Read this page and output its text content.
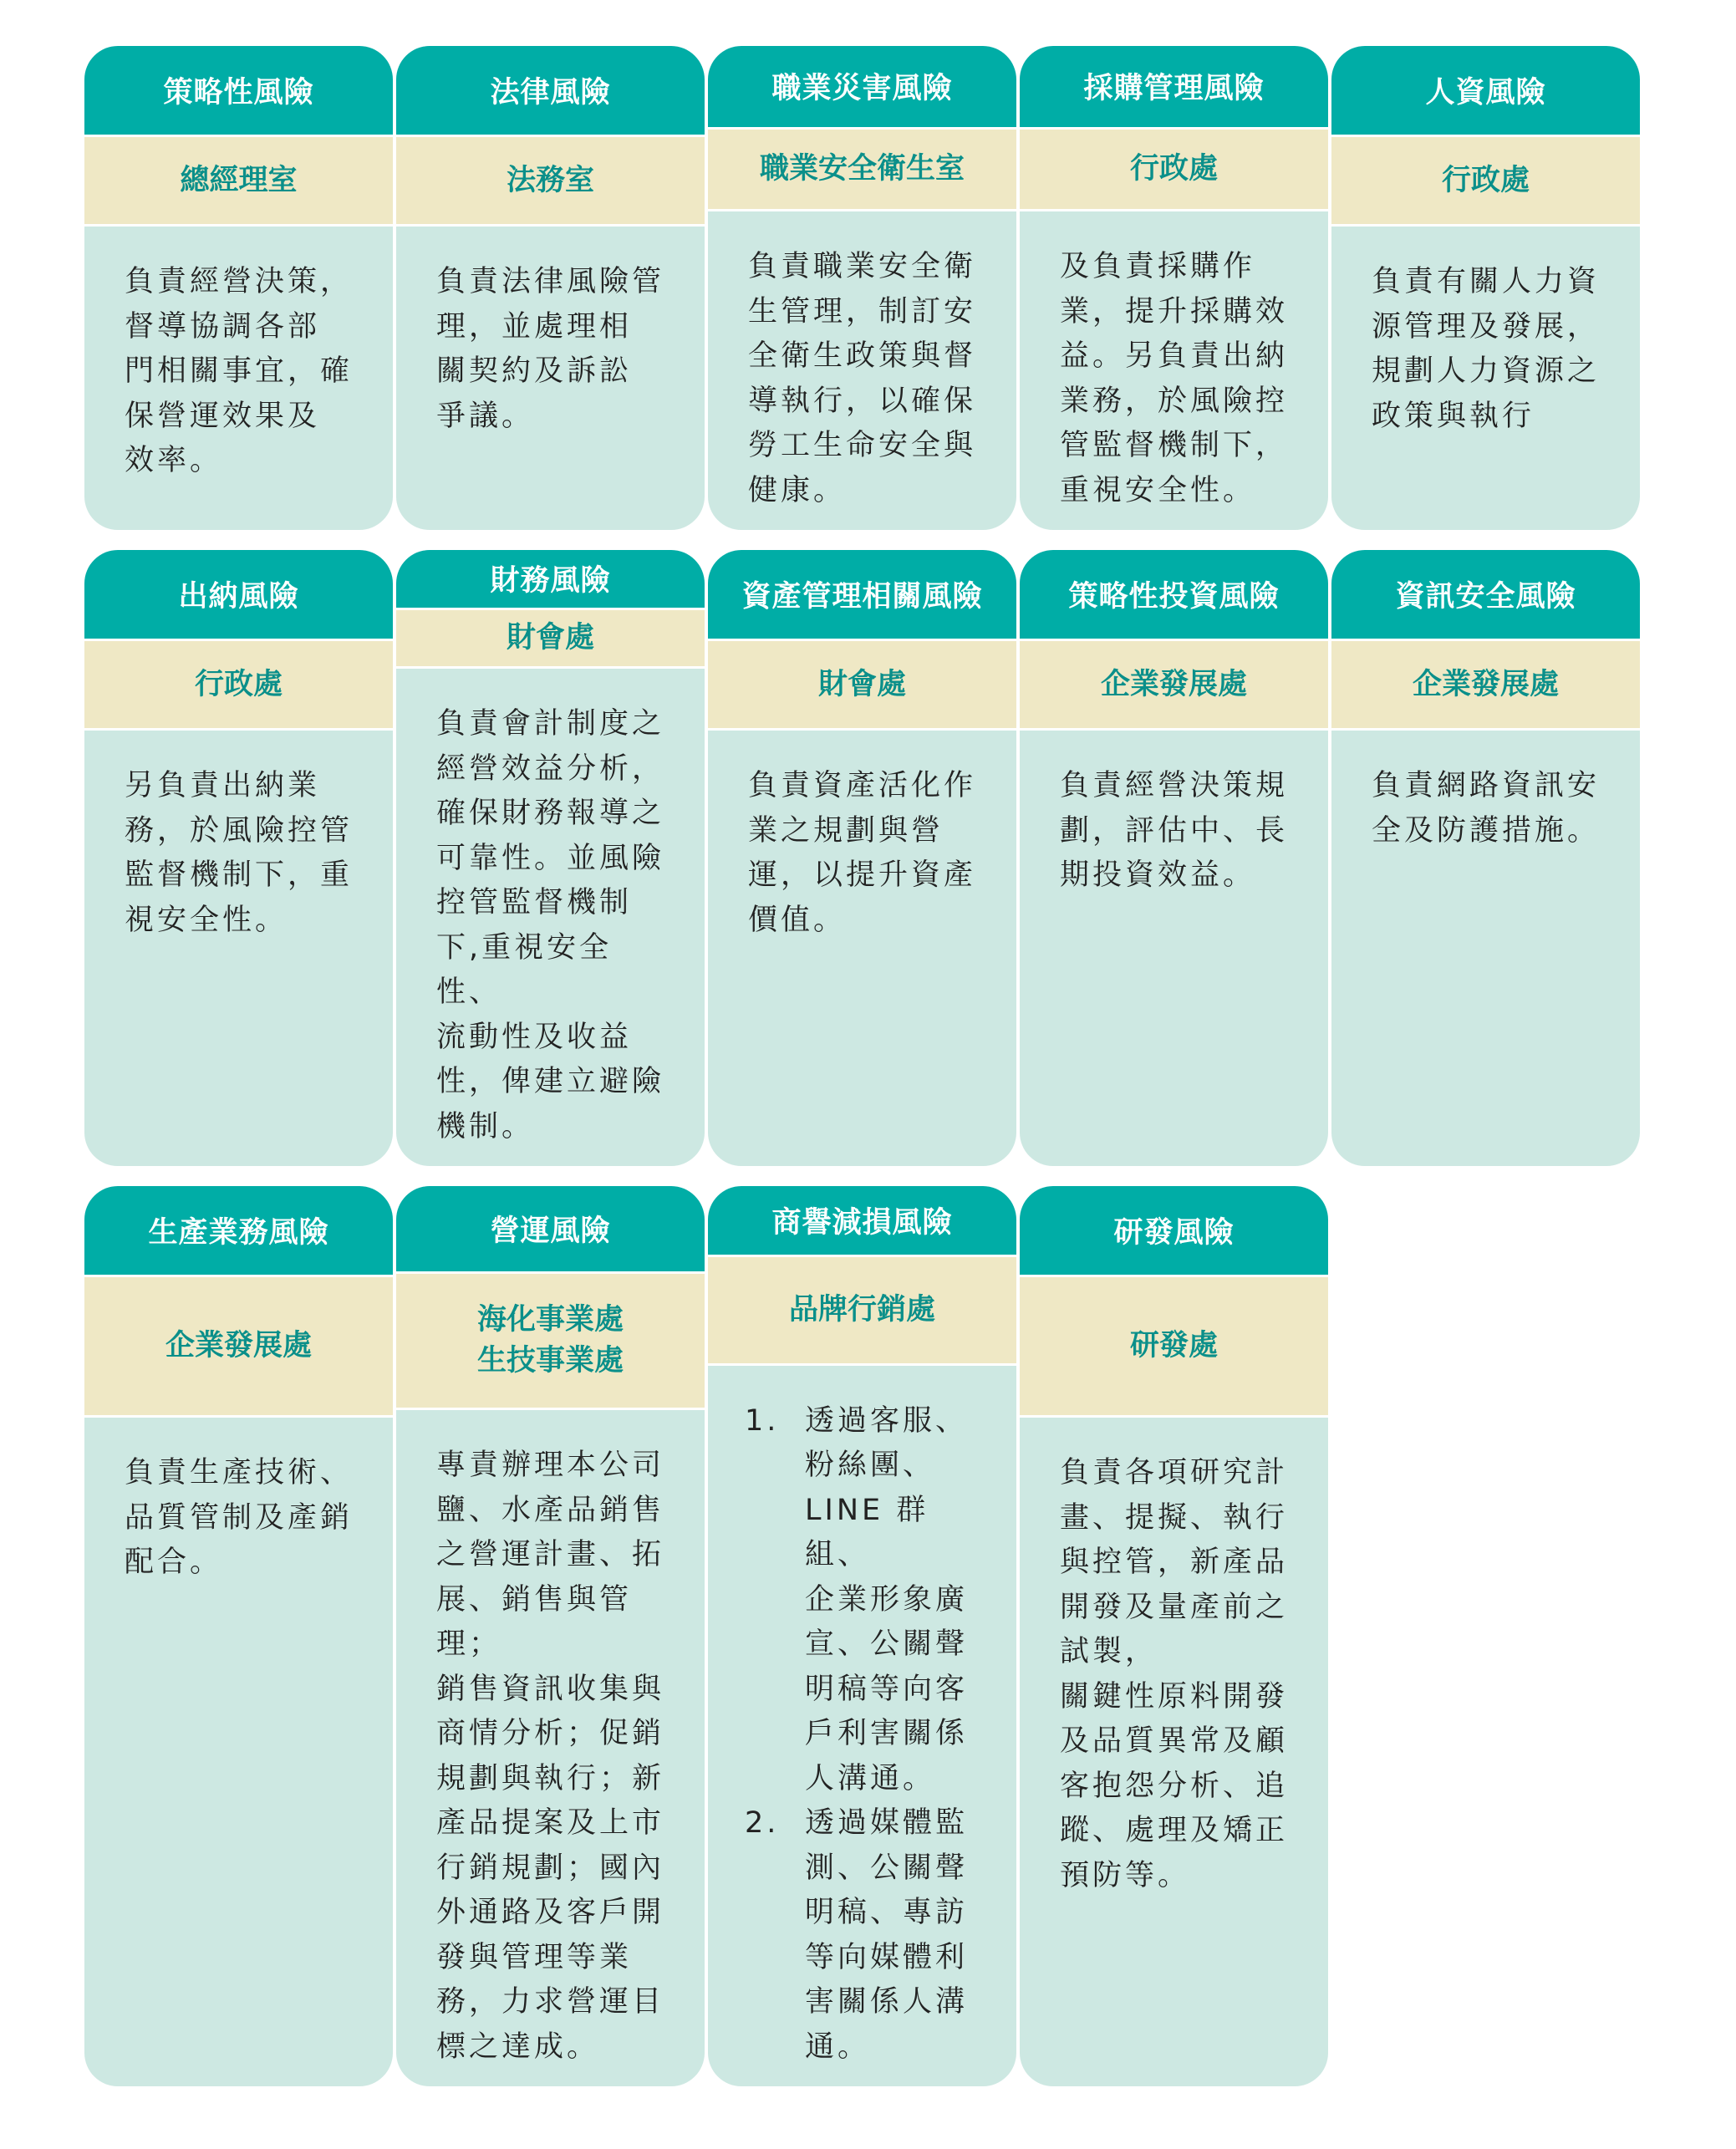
策略性風險
總經理室

負責經營決策，
督導協調各部
門相關事宜，確
保營運效果及
效率。

法律風險
法務室

負責法律風險管
理，並處理相
關契約及訴訟
爭議。

職業災害風險
職業安全衛生室

負責職業安全衛
生管理，制訂安
全衛生政策與督
導執行，以確保
勞工生命安全與
健康。

採購管理風險
行政處

及負責採購作
業，提升採購效
益。另負責出納
業務，於風險控
管監督機制下，
重視安全性。

人資風險
行政處

負責有關人力資
源管理及發展，
規劃人力資源之
政策與執行

出納風險
行政處

另負責出納業
務，於風險控管
監督機制下，重
視安全性。

財務風險
財會處

負責會計制度之
經營效益分析，
確保財務報導之
可靠性。並風險
控管監督機制
下,重視安全性、
流動性及收益
性，俾建立避險
機制。

資產管理相關風險
財會處

負責資產活化作
業之規劃與營
運，以提升資產
價值。

策略性投資風險
企業發展處

負責經營決策規
劃，評估中、長
期投資效益。

資訊安全風險
企業發展處

負責網路資訊安
全及防護措施。

生產業務風險
企業發展處

負責生產技術、
品質管制及產銷
配合。

營運風險
海化事業處
生技事業處

專責辦理本公司
鹽、水產品銷售
之營運計畫、拓
展、銷售與管理；
銷售資訊收集與
商情分析；促銷
規劃與執行；新
產品提案及上市
行銷規劃；國內
外通路及客戶開
發與管理等業
務，力求營運目
標之達成。

商譽減損風險
品牌行銷處
1. 透過客服、
粉絲團、
LINE 群組、
企業形象廣
宣、公關聲
明稿等向客
戶利害關係
人溝通。
2. 透過媒體監
測、公關聲
明稿、專訪
等向媒體利
害關係人溝
通。
研發風險
研發處

負責各項研究計
畫、提擬、執行
與控管，新產品
開發及量產前之
試製，
關鍵性原料開發
及品質異常及顧
客抱怨分析、追
蹤、處理及矯正
預防等。
